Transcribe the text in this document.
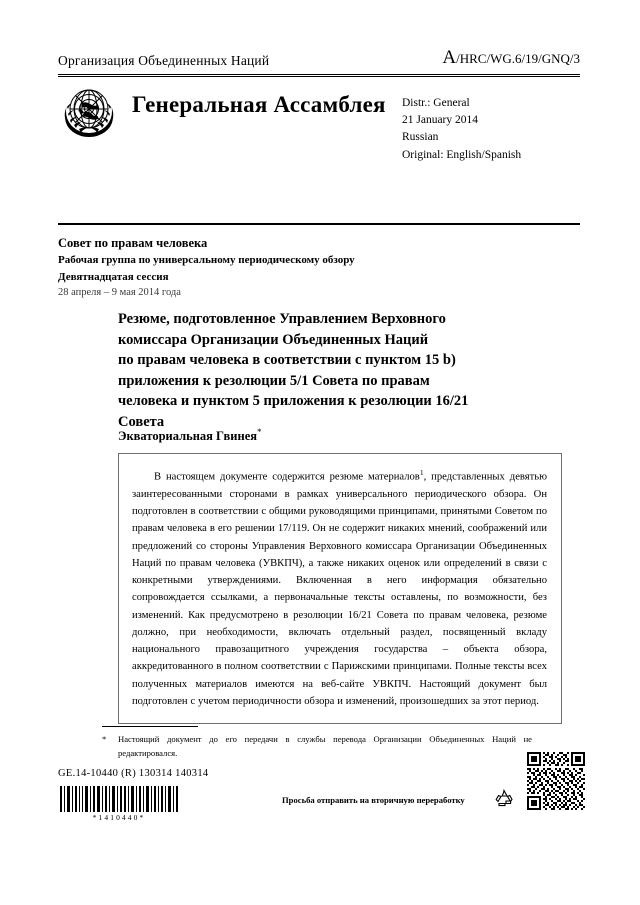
Организация Объединенных Наций	A/HRC/WG.6/19/GNQ/3
Генеральная Ассамблея	Distr.: General
21 January 2014
Russian
Original: English/Spanish
Совет по правам человека
Рабочая группа по универсальному периодическому обзору
Девятнадцатая сессия
28 апреля – 9 мая 2014 года
Резюме, подготовленное Управлением Верховного
комиссара Организации Объединенных Наций
по правам человека в соответствии с пунктом 15 b)
приложения к резолюции 5/1 Совета по правам
человека и пунктом 5 приложения к резолюции 16/21
Совета
Экваториальная Гвинея*

В настоящем документе содержится резюме материалов$^1$, представленных девятью заинтересованными сторонами в рамках универсального периодического обзора. Он подготовлен в соответствии с общими руководящими принципами, принятыми Советом по правам человека в его решении 17/119. Он не содержит никаких мнений, соображений или предложений со стороны Управления Верховного комиссара Организации Объединенных Наций по правам человека (УВКПЧ), а также никаких оценок или определений в связи с конкретными утверждениями. Включенная в него информация обязательно сопровождается ссылками, а первоначальные тексты оставлены, по возможности, без изменений. Как предусмотрено в резолюции 16/21 Совета по правам человека, резюме должно, при необходимости, включать отдельный раздел, посвященный вкладу национального правозащитного учреждения государства – объекта обзора, аккредитованного в полном соответствии с Парижскими принципами. Полные тексты всех полученных материалов имеются на веб-сайте УВКПЧ. Настоящий документ был подготовлен с учетом периодичности обзора и изменений, произошедших за этот период.

*	Настоящий документ до его передачи в службы перевода Организации Объединенных Наций не редактировался.
GE.14-10440 (R) 130314 140314
*1410440*
Просьба отправить на вторичную переработку
